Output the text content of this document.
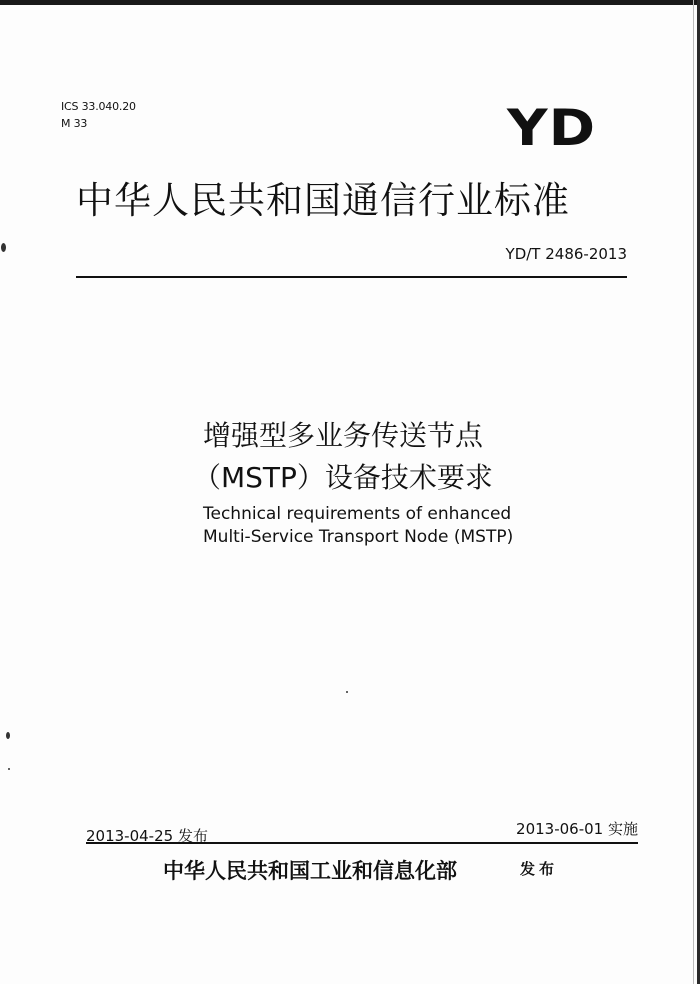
ICS 33.040.20
M 33	YD
中华人民共和国通信行业标准
YD/T 2486-2013
增强型多业务传送节点
（MSTP）设备技术要求
Technical requirements of enhanced
Multi-Service Transport Node (MSTP)
2013-04-25 发布	2013-06-01 实施
中华人民共和国工业和信息化部	发布
